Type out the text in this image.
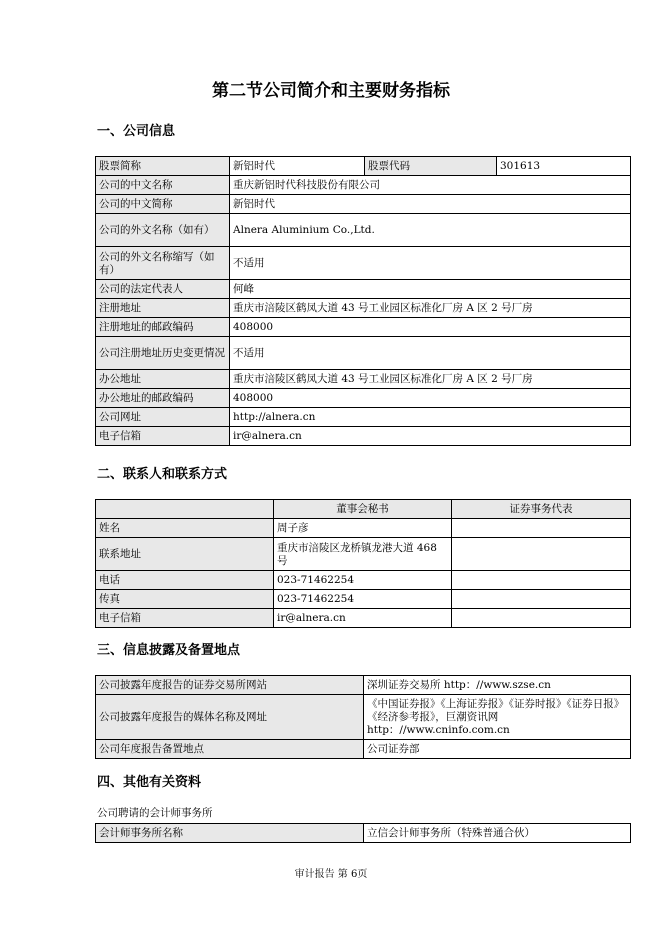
第二节公司简介和主要财务指标
一、公司信息
股票简称	新铝时代	股票代码	301613
公司的中文名称	重庆新铝时代科技股份有限公司		
公司的中文简称	新铝时代		
公司的外文名称（如有）	Alnera Aluminium Co.,Ltd.		
公司的外文名称缩写（如有）	不适用		
公司的法定代表人	何峰		
注册地址	重庆市涪陵区鹤凤大道 43 号工业园区标准化厂房 A 区 2 号厂房		
注册地址的邮政编码	408000		
公司注册地址历史变更情况	不适用		
办公地址	重庆市涪陵区鹤凤大道 43 号工业园区标准化厂房 A 区 2 号厂房		
办公地址的邮政编码	408000		
公司网址	http://alnera.cn		
电子信箱	ir@alnera.cn		
二、联系人和联系方式
	董事会秘书	证券事务代表
姓名	周子彦	
联系地址	重庆市涪陵区龙桥镇龙港大道 468 号	
电话	023-71462254	
传真	023-71462254	
电子信箱	ir@alnera.cn	
三、信息披露及备置地点
公司披露年度报告的证券交易所网站	深圳证券交易所 http：//www.szse.cn
公司披露年度报告的媒体名称及网址	《中国证券报》《上海证券报》《证券时报》《证券日报》《经济参考报》，巨潮资讯网 http：//www.cninfo.com.cn
公司年度报告备置地点	公司证券部
四、其他有关资料
公司聘请的会计师事务所
会计师事务所名称	立信会计师事务所（特殊普通合伙）
审计报告 第 6页
